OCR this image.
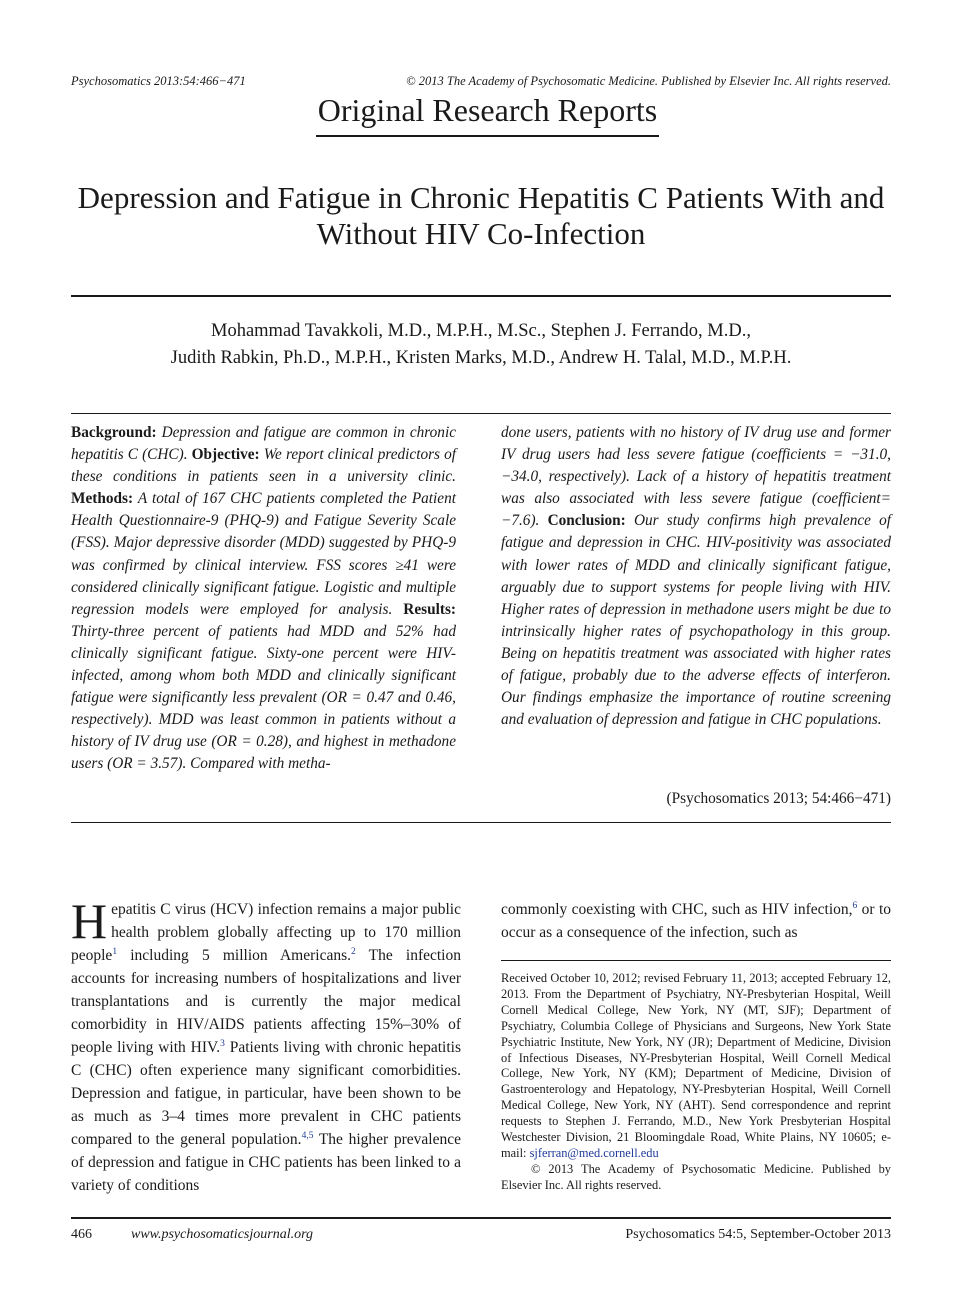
Psychosomatics 2013:54:466−471	© 2013 The Academy of Psychosomatic Medicine. Published by Elsevier Inc. All rights reserved.
Original Research Reports
Depression and Fatigue in Chronic Hepatitis C Patients With and Without HIV Co-Infection
Mohammad Tavakkoli, M.D., M.P.H., M.Sc., Stephen J. Ferrando, M.D.,
Judith Rabkin, Ph.D., M.P.H., Kristen Marks, M.D., Andrew H. Talal, M.D., M.P.H.
Background: Depression and fatigue are common in chronic hepatitis C (CHC). Objective: We report clinical predictors of these conditions in patients seen in a university clinic. Methods: A total of 167 CHC patients completed the Patient Health Questionnaire-9 (PHQ-9) and Fatigue Severity Scale (FSS). Major depressive disorder (MDD) suggested by PHQ-9 was confirmed by clinical interview. FSS scores ≥41 were considered clinically significant fatigue. Logistic and multiple regression models were employed for analysis. Results: Thirty-three percent of patients had MDD and 52% had clinically significant fatigue. Sixty-one percent were HIV-infected, among whom both MDD and clinically significant fatigue were significantly less prevalent (OR = 0.47 and 0.46, respectively). MDD was least common in patients without a history of IV drug use (OR = 0.28), and highest in methadone users (OR = 3.57). Compared with metha-
done users, patients with no history of IV drug use and former IV drug users had less severe fatigue (coefficients = −31.0, −34.0, respectively). Lack of a history of hepatitis treatment was also associated with less severe fatigue (coefficient= −7.6). Conclusion: Our study confirms high prevalence of fatigue and depression in CHC. HIV-positivity was associated with lower rates of MDD and clinically significant fatigue, arguably due to support systems for people living with HIV. Higher rates of depression in methadone users might be due to intrinsically higher rates of psychopathology in this group. Being on hepatitis treatment was associated with higher rates of fatigue, probably due to the adverse effects of interferon. Our findings emphasize the importance of routine screening and evaluation of depression and fatigue in CHC populations.
(Psychosomatics 2013; 54:466−471)
Hepatitis C virus (HCV) infection remains a major public health problem globally affecting up to 170 million people$^1$ including 5 million Americans.$^2$ The infection accounts for increasing numbers of hospitalizations and liver transplantations and is currently the major medical comorbidity in HIV/AIDS patients affecting 15%–30% of people living with HIV.$^3$ Patients living with chronic hepatitis C (CHC) often experience many significant comorbidities. Depression and fatigue, in particular, have been shown to be as much as 3–4 times more prevalent in CHC patients compared to the general population.$^{4,5}$ The higher prevalence of depression and fatigue in CHC patients has been linked to a variety of conditions
commonly coexisting with CHC, such as HIV infection,$^6$ or to occur as a consequence of the infection, such as
Received October 10, 2012; revised February 11, 2013; accepted February 12, 2013. From the Department of Psychiatry, NY-Presbyterian Hospital, Weill Cornell Medical College, New York, NY (MT, SJF); Department of Psychiatry, Columbia College of Physicians and Surgeons, New York State Psychiatric Institute, New York, NY (JR); Department of Medicine, Division of Infectious Diseases, NY-Presbyterian Hospital, Weill Cornell Medical College, New York, NY (KM); Department of Medicine, Division of Gastroenterology and Hepatology, NY-Presbyterian Hospital, Weill Cornell Medical College, New York, NY (AHT). Send correspondence and reprint requests to Stephen J. Ferrando, M.D., New York Presbyterian Hospital Westchester Division, 21 Bloomingdale Road, White Plains, NY 10605; e-mail: sjferran@med.cornell.edu
© 2013 The Academy of Psychosomatic Medicine. Published by Elsevier Inc. All rights reserved.
466	www.psychosomaticsjournal.org	Psychosomatics 54:5, September-October 2013
